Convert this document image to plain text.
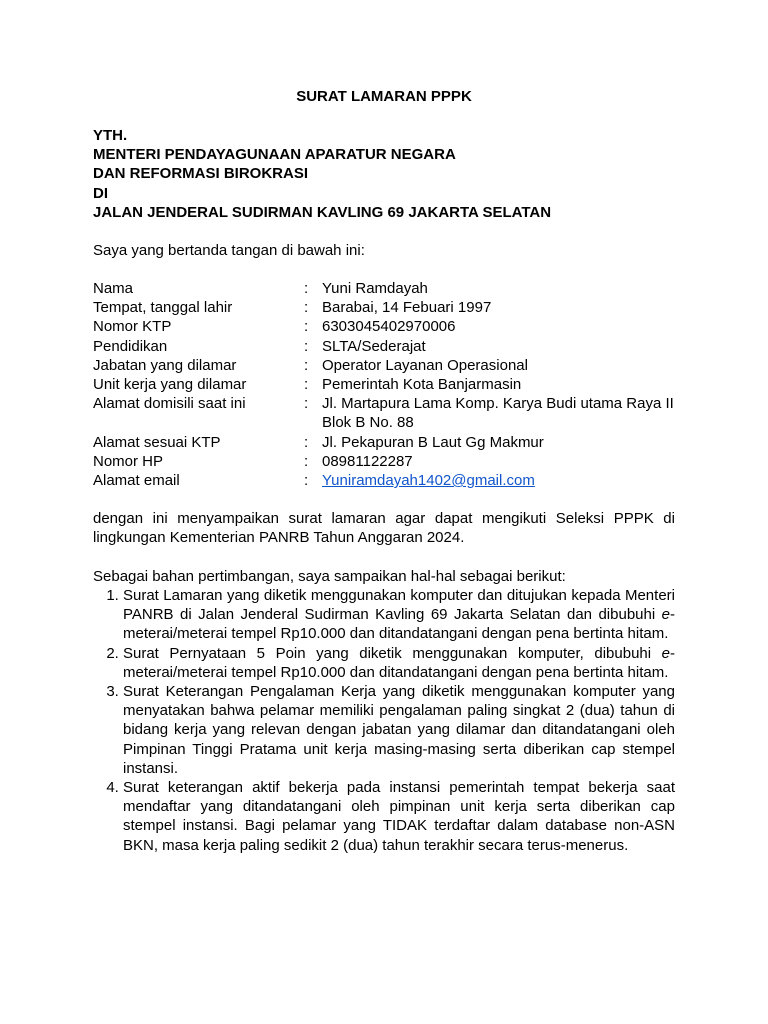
SURAT LAMARAN PPPK
YTH.
MENTERI PENDAYAGUNAAN APARATUR NEGARA
DAN REFORMASI BIROKRASI
DI
JALAN JENDERAL SUDIRMAN KAVLING 69 JAKARTA SELATAN
Saya yang bertanda tangan di bawah ini:
Nama	: Yuni Ramdayah
Tempat, tanggal lahir	: Barabai, 14 Febuari 1997
Nomor KTP	: 6303045402970006
Pendidikan	: SLTA/Sederajat
Jabatan yang dilamar	: Operator Layanan Operasional
Unit kerja yang dilamar	: Pemerintah Kota Banjarmasin
Alamat domisili saat ini	: Jl. Martapura Lama Komp. Karya Budi utama Raya II Blok B No. 88
Alamat sesuai KTP	: Jl. Pekapuran B Laut Gg Makmur
Nomor HP	: 08981122287
Alamat email	: Yuniramdayah1402@gmail.com
dengan ini menyampaikan surat lamaran agar dapat mengikuti Seleksi PPPK di lingkungan Kementerian PANRB Tahun Anggaran 2024.
Sebagai bahan pertimbangan, saya sampaikan hal-hal sebagai berikut:
1. Surat Lamaran yang diketik menggunakan komputer dan ditujukan kepada Menteri PANRB di Jalan Jenderal Sudirman Kavling 69 Jakarta Selatan dan dibubuhi e-meterai/meterai tempel Rp10.000 dan ditandatangani dengan pena bertinta hitam.
2. Surat Pernyataan 5 Poin yang diketik menggunakan komputer, dibubuhi e-meterai/meterai tempel Rp10.000 dan ditandatangani dengan pena bertinta hitam.
3. Surat Keterangan Pengalaman Kerja yang diketik menggunakan komputer yang menyatakan bahwa pelamar memiliki pengalaman paling singkat 2 (dua) tahun di bidang kerja yang relevan dengan jabatan yang dilamar dan ditandatangani oleh Pimpinan Tinggi Pratama unit kerja masing-masing serta diberikan cap stempel instansi.
4. Surat keterangan aktif bekerja pada instansi pemerintah tempat bekerja saat mendaftar yang ditandatangani oleh pimpinan unit kerja serta diberikan cap stempel instansi. Bagi pelamar yang TIDAK terdaftar dalam database non-ASN BKN, masa kerja paling sedikit 2 (dua) tahun terakhir secara terus-menerus.
